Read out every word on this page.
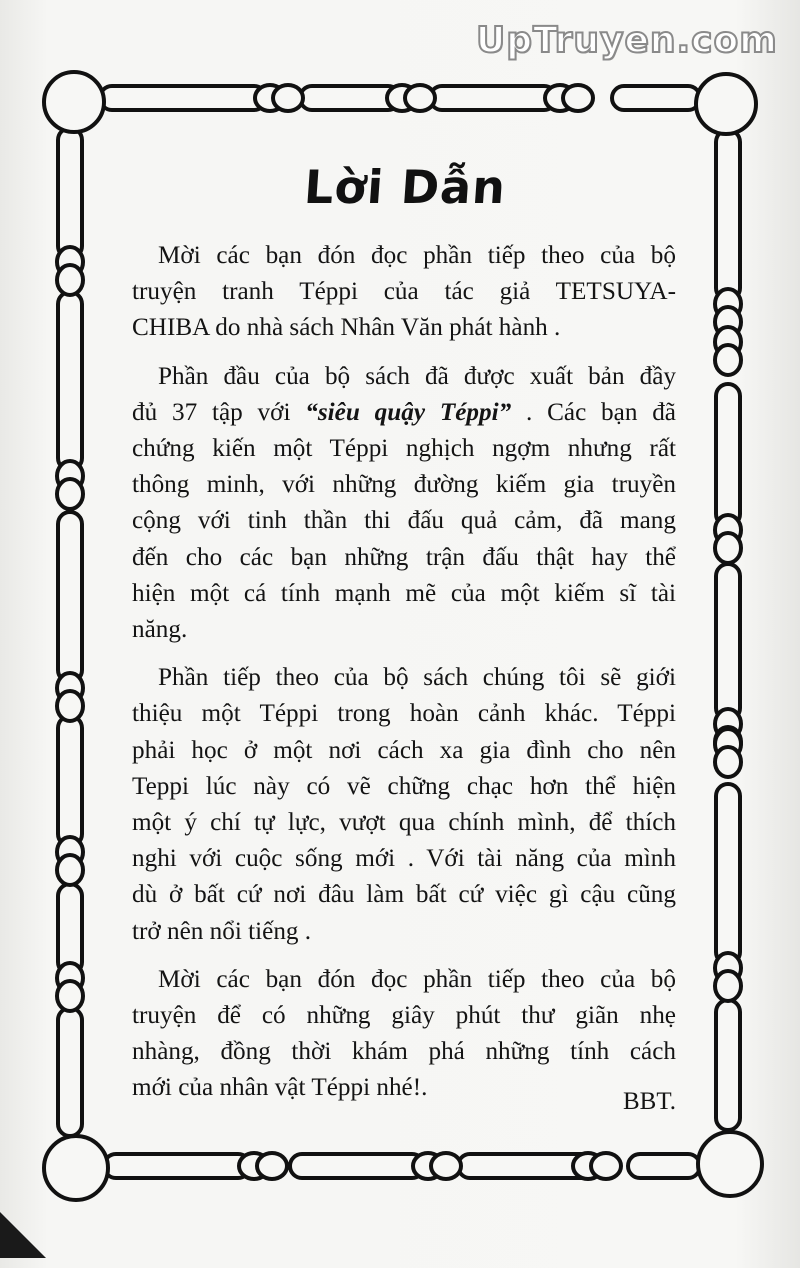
UpTruyen.com
Lời Dẫn

Mời các bạn đón đọc phần tiếp theo của bộ
truyện tranh Téppi của tác giả TETSUYA-
CHIBA do nhà sách Nhân Văn phát hành .

Phần đầu của bộ sách đã được xuất bản đầy
đủ 37 tập với “siêu quậy Téppi” . Các bạn đã
chứng kiến một Téppi nghịch ngợm nhưng rất
thông minh, với những đường kiếm gia truyền
cộng với tinh thần thi đấu quả cảm, đã mang
đến cho các bạn những trận đấu thật hay thể
hiện một cá tính mạnh mẽ của một kiếm sĩ tài
năng.

Phần tiếp theo của bộ sách chúng tôi sẽ giới
thiệu một Téppi trong hoàn cảnh khác. Téppi
phải học ở một nơi cách xa gia đình cho nên
Teppi lúc này có vẽ chững chạc hơn thể hiện
một ý chí tự lực, vượt qua chính mình, để thích
nghi với cuộc sống mới . Với tài năng của mình
dù ở bất cứ nơi đâu làm bất cứ việc gì cậu cũng
trở nên nổi tiếng .

Mời các bạn đón đọc phần tiếp theo của bộ
truyện để có những giây phút thư giãn nhẹ
nhàng, đồng thời khám phá những tính cách
mới của nhân vật Téppi nhé!.

BBT.
